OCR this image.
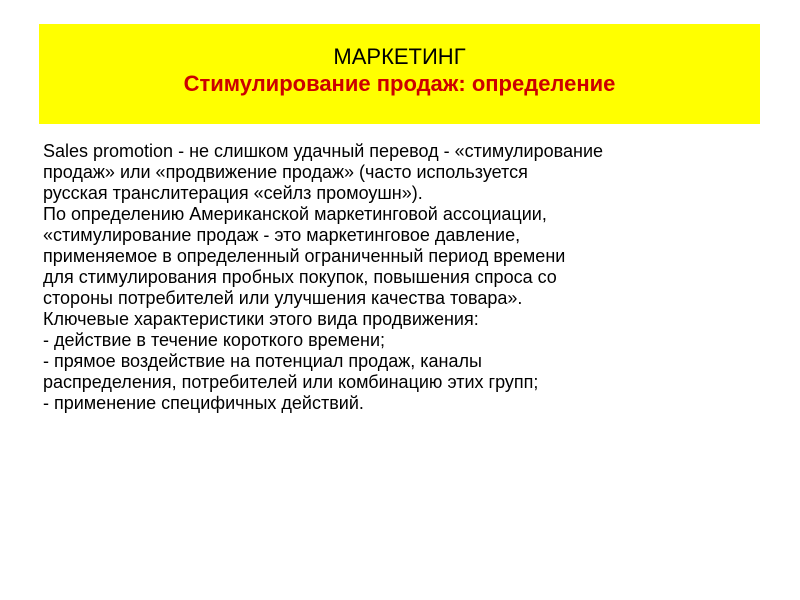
МАРКЕТИНГ
Стимулирование продаж: определение

Sales promotion - не слишком удачный перевод - «стимулирование
продаж» или «продвижение продаж» (часто используется
русская транслитерация «сейлз промоушн»).

По определению Американской маркетинговой ассоциации,
«стимулирование продаж - это маркетинговое давление,
применяемое в определенный ограниченный период времени
для стимулирования пробных покупок, повышения спроса со
стороны потребителей или улучшения качества товара».

Ключевые характеристики этого вида продвижения:
- действие в течение короткого времени;
- прямое воздействие на потенциал продаж, каналы
распределения, потребителей или комбинацию этих групп;
- применение специфичных действий.
